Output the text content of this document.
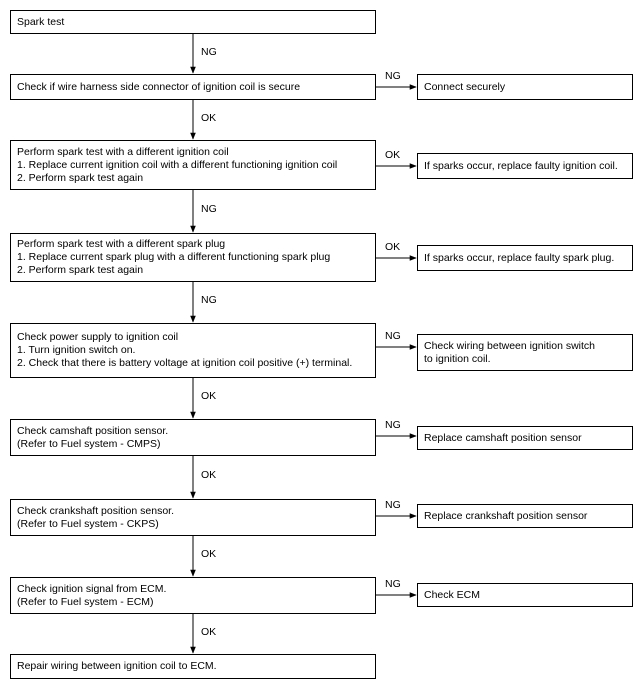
Spark test
Check if wire harness side connector of ignition coil is secure
Perform spark test with a different ignition coil
1. Replace current ignition coil with a different functioning ignition coil
2. Perform spark test again
Perform spark test with a different spark plug
1. Replace current spark plug with a different functioning spark plug
2. Perform spark test again
Check power supply to ignition coil
1. Turn ignition switch on.
2. Check that there is battery voltage at ignition coil positive (+) terminal.
Check camshaft position sensor.
(Refer to Fuel system - CMPS)
Check crankshaft position sensor.
(Refer to Fuel system - CKPS)
Check ignition signal from ECM.
(Refer to Fuel system - ECM)
Repair wiring between ignition coil to ECM.
Connect securely
If sparks occur, replace faulty ignition coil.
If sparks occur, replace faulty spark plug.
Check wiring between ignition switch
to ignition coil.
Replace camshaft position sensor
Replace crankshaft position sensor
Check ECM
NG
OK
NG
NG
OK
OK
OK
OK
NG
OK
OK
NG
NG
NG
NG
